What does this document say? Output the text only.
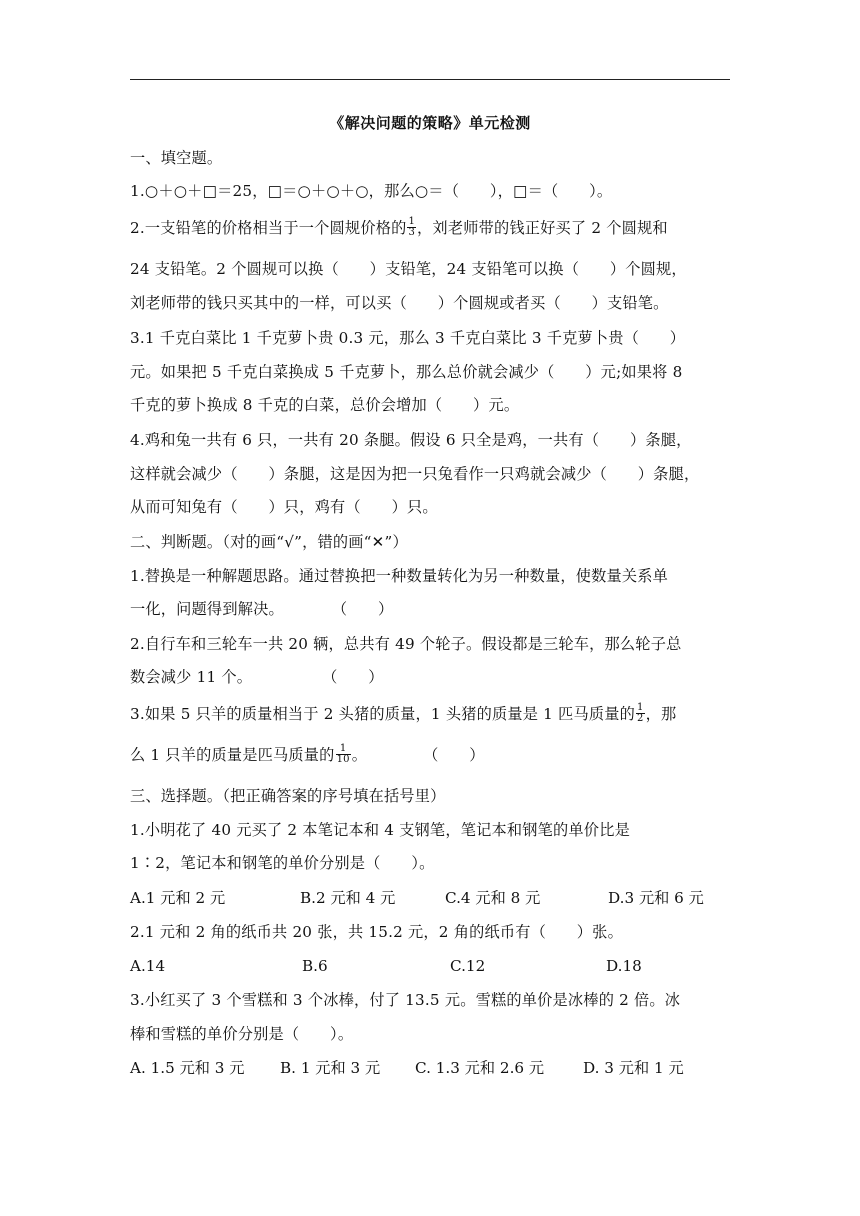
《解决问题的策略》单元检测
一、填空题。
1.○＋○＋□＝25，□＝○＋○＋○，那么○＝（　　），□＝（　　）。
2.一支铅笔的价格相当于一个圆规价格的 $\frac{1}{3}$ ，刘老师带的钱正好买了 2 个圆规和
24 支铅笔。2 个圆规可以换（　　）支铅笔，24 支铅笔可以换（　　）个圆规，
刘老师带的钱只买其中的一样，可以买（　　）个圆规或者买（　　）支铅笔。
3.1 千克白菜比 1 千克萝卜贵 0.3 元，那么 3 千克白菜比 3 千克萝卜贵（　　）
元。如果把 5 千克白菜换成 5 千克萝卜，那么总价就会减少（　　）元;如果将 8
千克的萝卜换成 8 千克的白菜，总价会增加（　　）元。
4.鸡和兔一共有 6 只，一共有 20 条腿。假设 6 只全是鸡，一共有（　　）条腿，
这样就会减少（　　）条腿，这是因为把一只兔看作一只鸡就会减少（　　）条腿，
从而可知兔有（　　）只，鸡有（　　）只。
二、判断题。（对的画“√”，错的画“✕”）
1.替换是一种解题思路。通过替换把一种数量转化为另一种数量，使数量关系单
一化，问题得到解决。	（　　）
2.自行车和三轮车一共 20 辆，总共有 49 个轮子。假设都是三轮车，那么轮子总
数会减少 11 个。	（　　）
3.如果 5 只羊的质量相当于 2 头猪的质量，1 头猪的质量是 1 匹马质量的 $\frac{1}{2}$ ，那
么 1 只羊的质量是匹马质量的 $\frac{1}{10}$ 。	（　　）
三、选择题。（把正确答案的序号填在括号里）
1.小明花了 40 元买了 2 本笔记本和 4 支钢笔，笔记本和钢笔的单价比是
1∶2，笔记本和钢笔的单价分别是（　　）。
A.1 元和 2 元	B.2 元和 4 元	C.4 元和 8 元	D.3 元和 6 元
2.1 元和 2 角的纸币共 20 张，共 15.2 元，2 角的纸币有（　　）张。
A.14	B.6	C.12	D.18
3.小红买了 3 个雪糕和 3 个冰棒，付了 13.5 元。雪糕的单价是冰棒的 2 倍。冰
棒和雪糕的单价分别是（　　）。
A. 1.5 元和 3 元 B. 1 元和 3 元 C. 1.3 元和 2.6 元	D. 3 元和 1 元
